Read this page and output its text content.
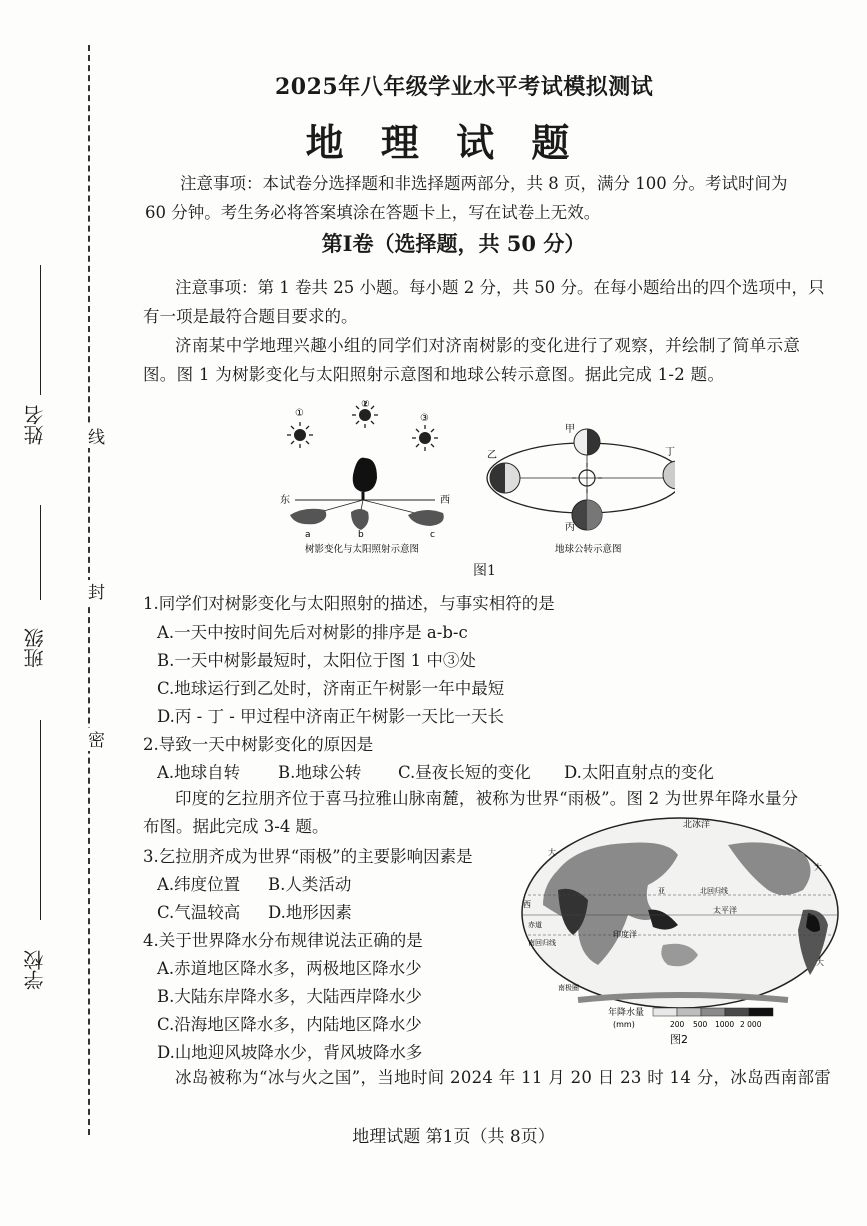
姓名
班级
学校
线
封
密
2025年八年级学业水平考试模拟测试
地 理 试 题
注意事项：本试卷分选择题和非选择题两部分，共 8 页，满分 100 分。考试时间为
60 分钟。考生务必将答案填涂在答题卡上，写在试卷上无效。
第Ⅰ卷（选择题，共 50 分）
注意事项：第 1 卷共 25 小题。每小题 2 分，共 50 分。在每小题给出的四个选项中，只
有一项是最符合题目要求的。
济南某中学地理兴趣小组的同学们对济南树影的变化进行了观察，并绘制了简单示意
图。图 1 为树影变化与太阳照射示意图和地球公转示意图。据此完成 1-2 题。
①
②
③
东	西
a	b	c
树影变化与太阳照射示意图
甲
乙
丙
丁
地球公转示意图
图1
1.同学们对树影变化与太阳照射的描述，与事实相符的是
A.一天中按时间先后对树影的排序是 a-b-c
B.一天中树影最短时，太阳位于图 1 中③处
C.地球运行到乙处时，济南正午树影一年中最短
D.丙 - 丁 - 甲过程中济南正午树影一天比一天长
2.导致一天中树影变化的原因是
A.地球自转 B.地球公转 C.昼夜长短的变化 D.太阳直射点的变化
印度的乞拉朋齐位于喜马拉雅山脉南麓，被称为世界“雨极”。图 2 为世界年降水量分
布图。据此完成 3-4 题。
3.乞拉朋齐成为世界“雨极”的主要影响因素是
A.纬度位置 B.人类活动
C.气温较高 D.地形因素
4.关于世界降水分布规律说法正确的是
A.赤道地区降水多，两极地区降水少
B.大陆东岸降水多，大陆西岸降水少
C.沿海地区降水多，内陆地区降水少
D.山地迎风坡降水少，背风坡降水多
北冰洋
大
大
北回归线
太平洋
赤道
印度洋
南回归线
大
南极圈
西
亚
年降水量
(mm)	200 500 1000 2 000
图2
冰岛被称为“冰与火之国”，当地时间 2024 年 11 月 20 日 23 时 14 分，冰岛西南部雷
地理试题 第1页（共 8页）
